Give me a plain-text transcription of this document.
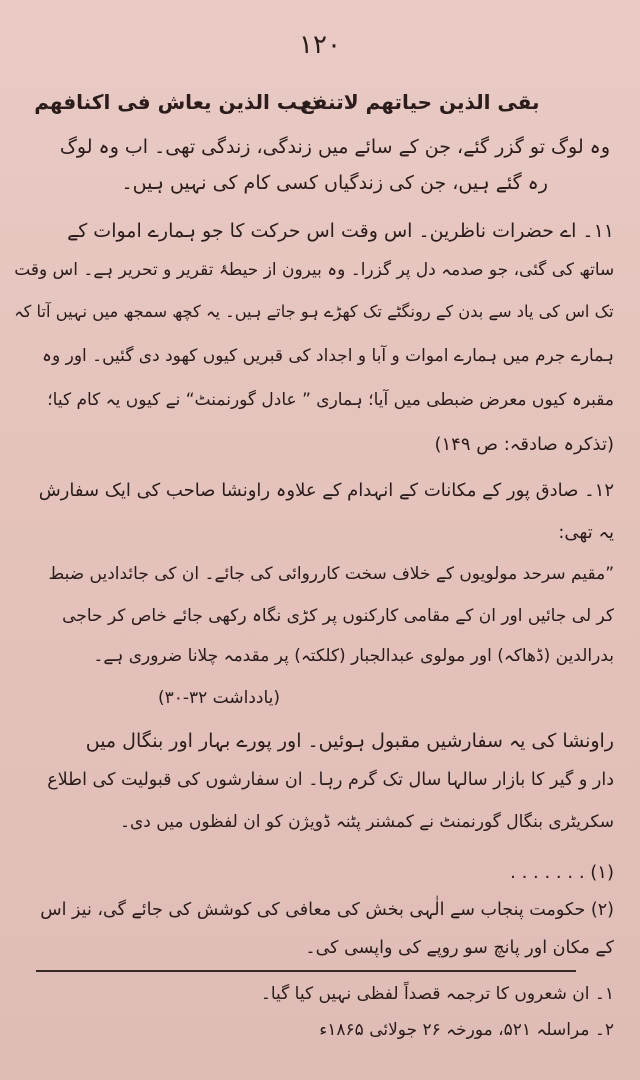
١٢٠
بقی الذین حیاتھم لاتنفع
ذہب الذین یعاش فی اکنافھم
وہ لوگ تو گزر گئے، جن کے سائے میں زندگی، زندگی تھی۔ اب وہ لوگ
رہ گئے ہیں، جن کی زندگیاں کسی کام کی نہیں ہیں۔
۱۱۔ اے حضرات ناظرین۔ اس وقت اس حرکت کا جو ہمارے اموات کے
ساتھ کی گئی، جو صدمہ دل پر گزرا۔ وہ بیرون از حیطۂ تقریر و تحریر ہے۔ اس وقت
تک اس کی یاد سے بدن کے رونگٹے تک کھڑے ہو جاتے ہیں۔ یہ کچھ سمجھ میں نہیں آتا کہ
ہمارے جرم میں ہمارے اموات و آبا و اجداد کی قبریں کیوں کھود دی گئیں۔ اور وہ
مقبرہ کیوں معرض ضبطی میں آیا؛ ہماری ” عادل گورنمنٹ“ نے کیوں یہ کام کیا؛
(تذکرہ صادقہ: ص ۱۴۹)
۱۲۔ صادق پور کے مکانات کے انہدام کے علاوہ راونشا صاحب کی ایک سفارش
یہ تھی:
”مقیم سرحد مولویوں کے خلاف سخت کارروائی کی جائے۔ ان کی جائدادیں ضبط
کر لی جائیں اور ان کے مقامی کارکنوں پر کڑی نگاہ رکھی جائے خاص کر حاجی
بدرالدین (ڈھاکہ) اور مولوی عبدالجبار (کلکتہ) پر مقدمہ چلانا ضروری ہے۔
(یادداشت ۳۲-۳۰)
راونشا کی یہ سفارشیں مقبول ہوئیں۔ اور پورے بہار اور بنگال میں
دار و گیر کا بازار سالہا سال تک گرم رہا۔ ان سفارشوں کی قبولیت کی اطلاع
سکریٹری بنگال گورنمنٹ نے کمشنر پٹنہ ڈویژن کو ان لفظوں میں دی۔
(۱) . . . . . . .
(۲) حکومت پنجاب سے الٰہی بخش کی معافی کی کوشش کی جائے گی، نیز اس
کے مکان اور پانچ سو روپے کی واپسی کی۔
۱۔ ان شعروں کا ترجمہ قصداً لفظی نہیں کیا گیا۔
۲۔ مراسلہ ۵۲۱، مورخہ ۲۶ جولائی ۱۸۶۵ء
